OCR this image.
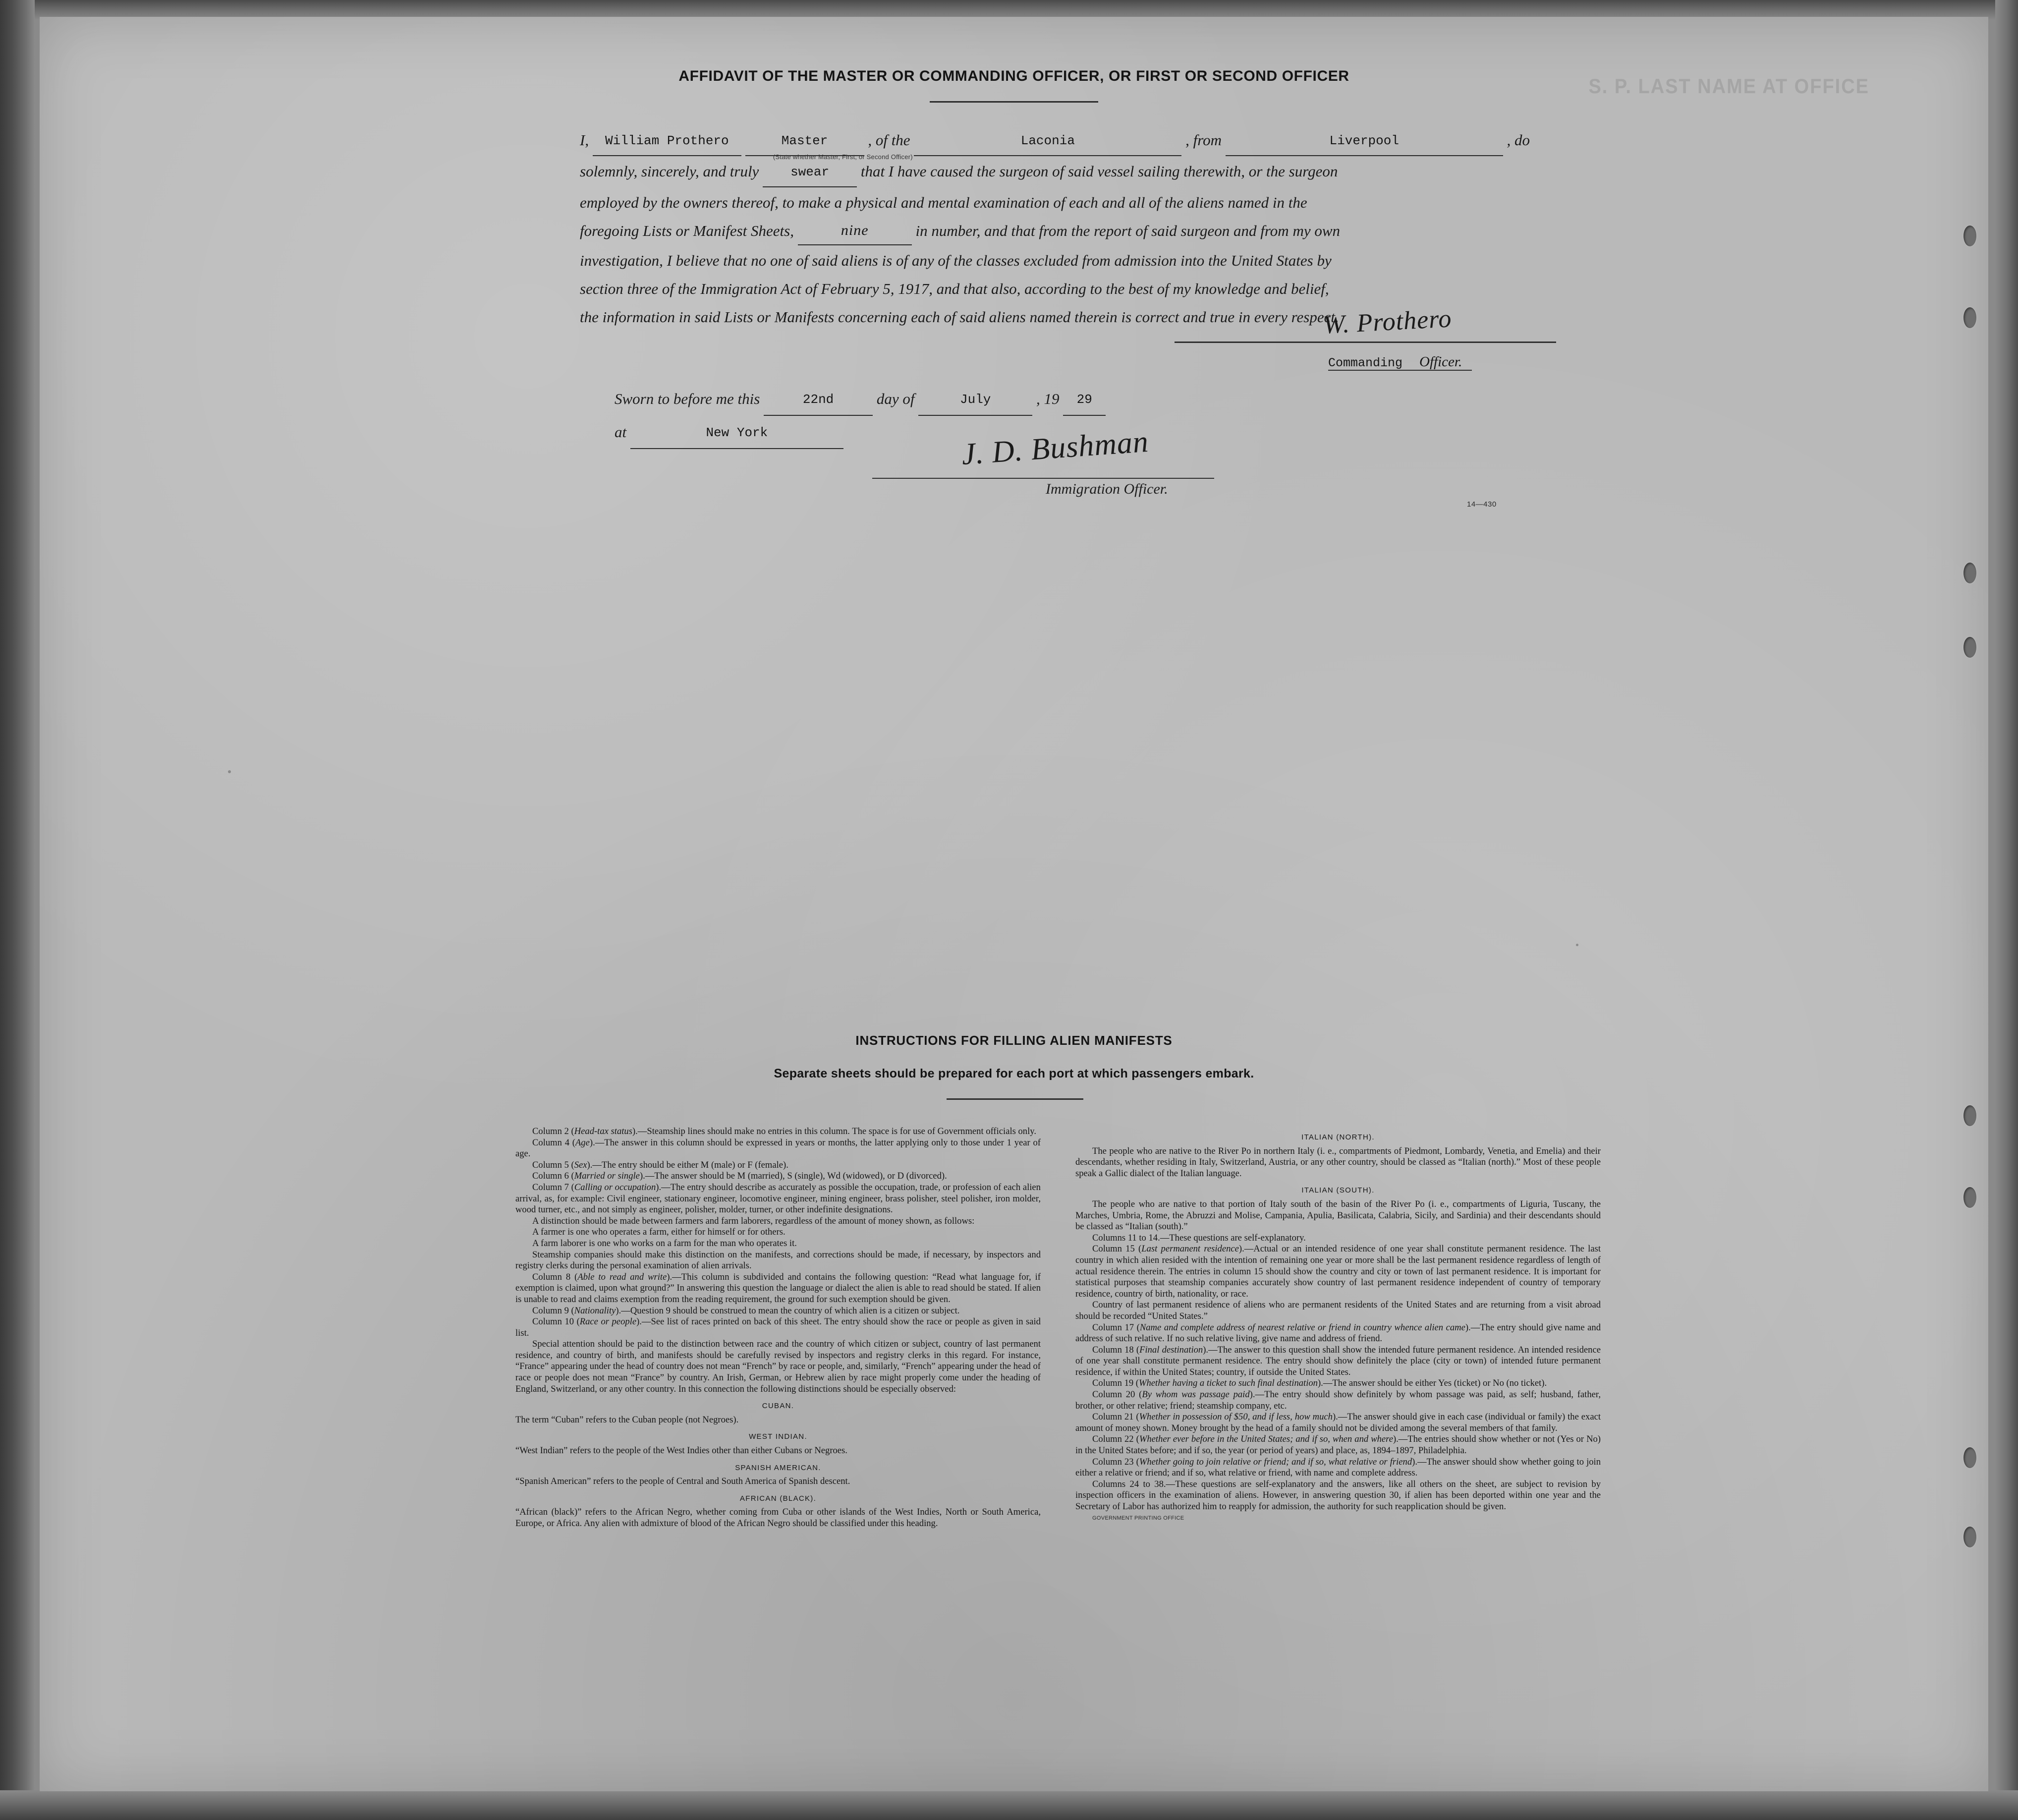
S. P. LAST NAME AT OFFICE
AFFIDAVIT OF THE MASTER OR COMMANDING OFFICER, OR FIRST OR SECOND OFFICER
I, William Prothero	Master	, of the	Laconia	, from	Liverpool	, do
(State whether Master, First, or Second Officer)
solemnly, sincerely, and truly swear that I have caused the surgeon of said vessel sailing therewith, or the surgeon
employed by the owners thereof, to make a physical and mental examination of each and all of the aliens named in the
foregoing Lists or Manifest Sheets,	nine	in number, and that from the report of said surgeon and from my own
investigation, I believe that no one of said aliens is of any of the classes excluded from admission into the United States by
section three of the Immigration Act of February 5, 1917, and that also, according to the best of my knowledge and belief,
the information in said Lists or Manifests concerning each of said aliens named therein is correct and true in every respect.
W. Prothero
Commanding Officer.
Sworn to before me this	22nd	day of	July	, 19 29
at	New York	J. D. Bushman
Immigration Officer.
14—430
INSTRUCTIONS FOR FILLING ALIEN MANIFESTS
Separate sheets should be prepared for each port at which passengers embark.

Column 2 (Head-tax status).—Steamship lines should make no entries in this column. The space is for use of Government officials only.

Column 4 (Age).—The answer in this column should be expressed in years or months, the latter applying only to those under 1 year of age.

Column 5 (Sex).—The entry should be either M (male) or F (female).

Column 6 (Married or single).—The answer should be M (married), S (single), Wd (widowed), or D (divorced).

Column 7 (Calling or occupation).—The entry should describe as accurately as possible the occupation, trade, or profession of each alien arrival, as, for example: Civil engineer, stationary engineer, locomotive engineer, mining engineer, brass polisher, steel polisher, iron molder, wood turner, etc., and not simply as engineer, polisher, molder, turner, or other indefinite designations.

A distinction should be made between farmers and farm laborers, regardless of the amount of money shown, as follows:

A farmer is one who operates a farm, either for himself or for others.

A farm laborer is one who works on a farm for the man who operates it.

Steamship companies should make this distinction on the manifests, and corrections should be made, if necessary, by inspectors and registry clerks during the personal examination of alien arrivals.

Column 8 (Able to read and write).—This column is subdivided and contains the following question: “Read what language for, if exemption is claimed, upon what ground?” In answering this question the language or dialect the alien is able to read should be stated. If alien is unable to read and claims exemption from the reading requirement, the ground for such exemption should be given.

Column 9 (Nationality).—Question 9 should be construed to mean the country of which alien is a citizen or subject.

Column 10 (Race or people).—See list of races printed on back of this sheet. The entry should show the race or people as given in said list.

Special attention should be paid to the distinction between race and the country of which citizen or subject, country of last permanent residence, and country of birth, and manifests should be carefully revised by inspectors and registry clerks in this regard. For instance, “France” appearing under the head of country does not mean “French” by race or people, and, similarly, “French” appearing under the head of race or people does not mean “France” by country. An Irish, German, or Hebrew alien by race might properly come under the heading of England, Switzerland, or any other country. In this connection the following distinctions should be especially observed:

CUBAN.

The term “Cuban” refers to the Cuban people (not Negroes).

WEST INDIAN.

“West Indian” refers to the people of the West Indies other than either Cubans or Negroes.

SPANISH AMERICAN.

“Spanish American” refers to the people of Central and South America of Spanish descent.

AFRICAN (BLACK).

“African (black)” refers to the African Negro, whether coming from Cuba or other islands of the West Indies, North or South America, Europe, or Africa. Any alien with admixture of blood of the African Negro should be classified under this heading.

ITALIAN (NORTH).

The people who are native to the River Po in northern Italy (i. e., compartments of Piedmont, Lombardy, Venetia, and Emelia) and their descendants, whether residing in Italy, Switzerland, Austria, or any other country, should be classed as “Italian (north).” Most of these people speak a Gallic dialect of the Italian language.

ITALIAN (SOUTH).

The people who are native to that portion of Italy south of the basin of the River Po (i. e., compartments of Liguria, Tuscany, the Marches, Umbria, Rome, the Abruzzi and Molise, Campania, Apulia, Basilicata, Calabria, Sicily, and Sardinia) and their descendants should be classed as “Italian (south).”

Columns 11 to 14.—These questions are self-explanatory.

Column 15 (Last permanent residence).—Actual or an intended residence of one year shall constitute permanent residence. The last country in which alien resided with the intention of remaining one year or more shall be the last permanent residence regardless of length of actual residence therein. The entries in column 15 should show the country and city or town of last permanent residence. It is important for statistical purposes that steamship companies accurately show country of last permanent residence independent of country of temporary residence, country of birth, nationality, or race.

Country of last permanent residence of aliens who are permanent residents of the United States and are returning from a visit abroad should be recorded “United States.”

Column 17 (Name and complete address of nearest relative or friend in country whence alien came).—The entry should give name and address of such relative. If no such relative living, give name and address of friend.

Column 18 (Final destination).—The answer to this question shall show the intended future permanent residence. An intended residence of one year shall constitute permanent residence. The entry should show definitely the place (city or town) of intended future permanent residence, if within the United States; country, if outside the United States.

Column 19 (Whether having a ticket to such final destination).—The answer should be either Yes (ticket) or No (no ticket).

Column 20 (By whom was passage paid).—The entry should show definitely by whom passage was paid, as self; husband, father, brother, or other relative; friend; steamship company, etc.

Column 21 (Whether in possession of $50, and if less, how much).—The answer should give in each case (individual or family) the exact amount of money shown. Money brought by the head of a family should not be divided among the several members of that family.

Column 22 (Whether ever before in the United States; and if so, when and where).—The entries should show whether or not (Yes or No) in the United States before; and if so, the year (or period of years) and place, as, 1894–1897, Philadelphia.

Column 23 (Whether going to join relative or friend; and if so, what relative or friend).—The answer should show whether going to join either a relative or friend; and if so, what relative or friend, with name and complete address.

Columns 24 to 38.—These questions are self-explanatory and the answers, like all others on the sheet, are subject to revision by inspection officers in the examination of aliens. However, in answering question 30, if alien has been deported within one year and the Secretary of Labor has authorized him to reapply for admission, the authority for such reapplication should be given.

GOVERNMENT PRINTING OFFICE
